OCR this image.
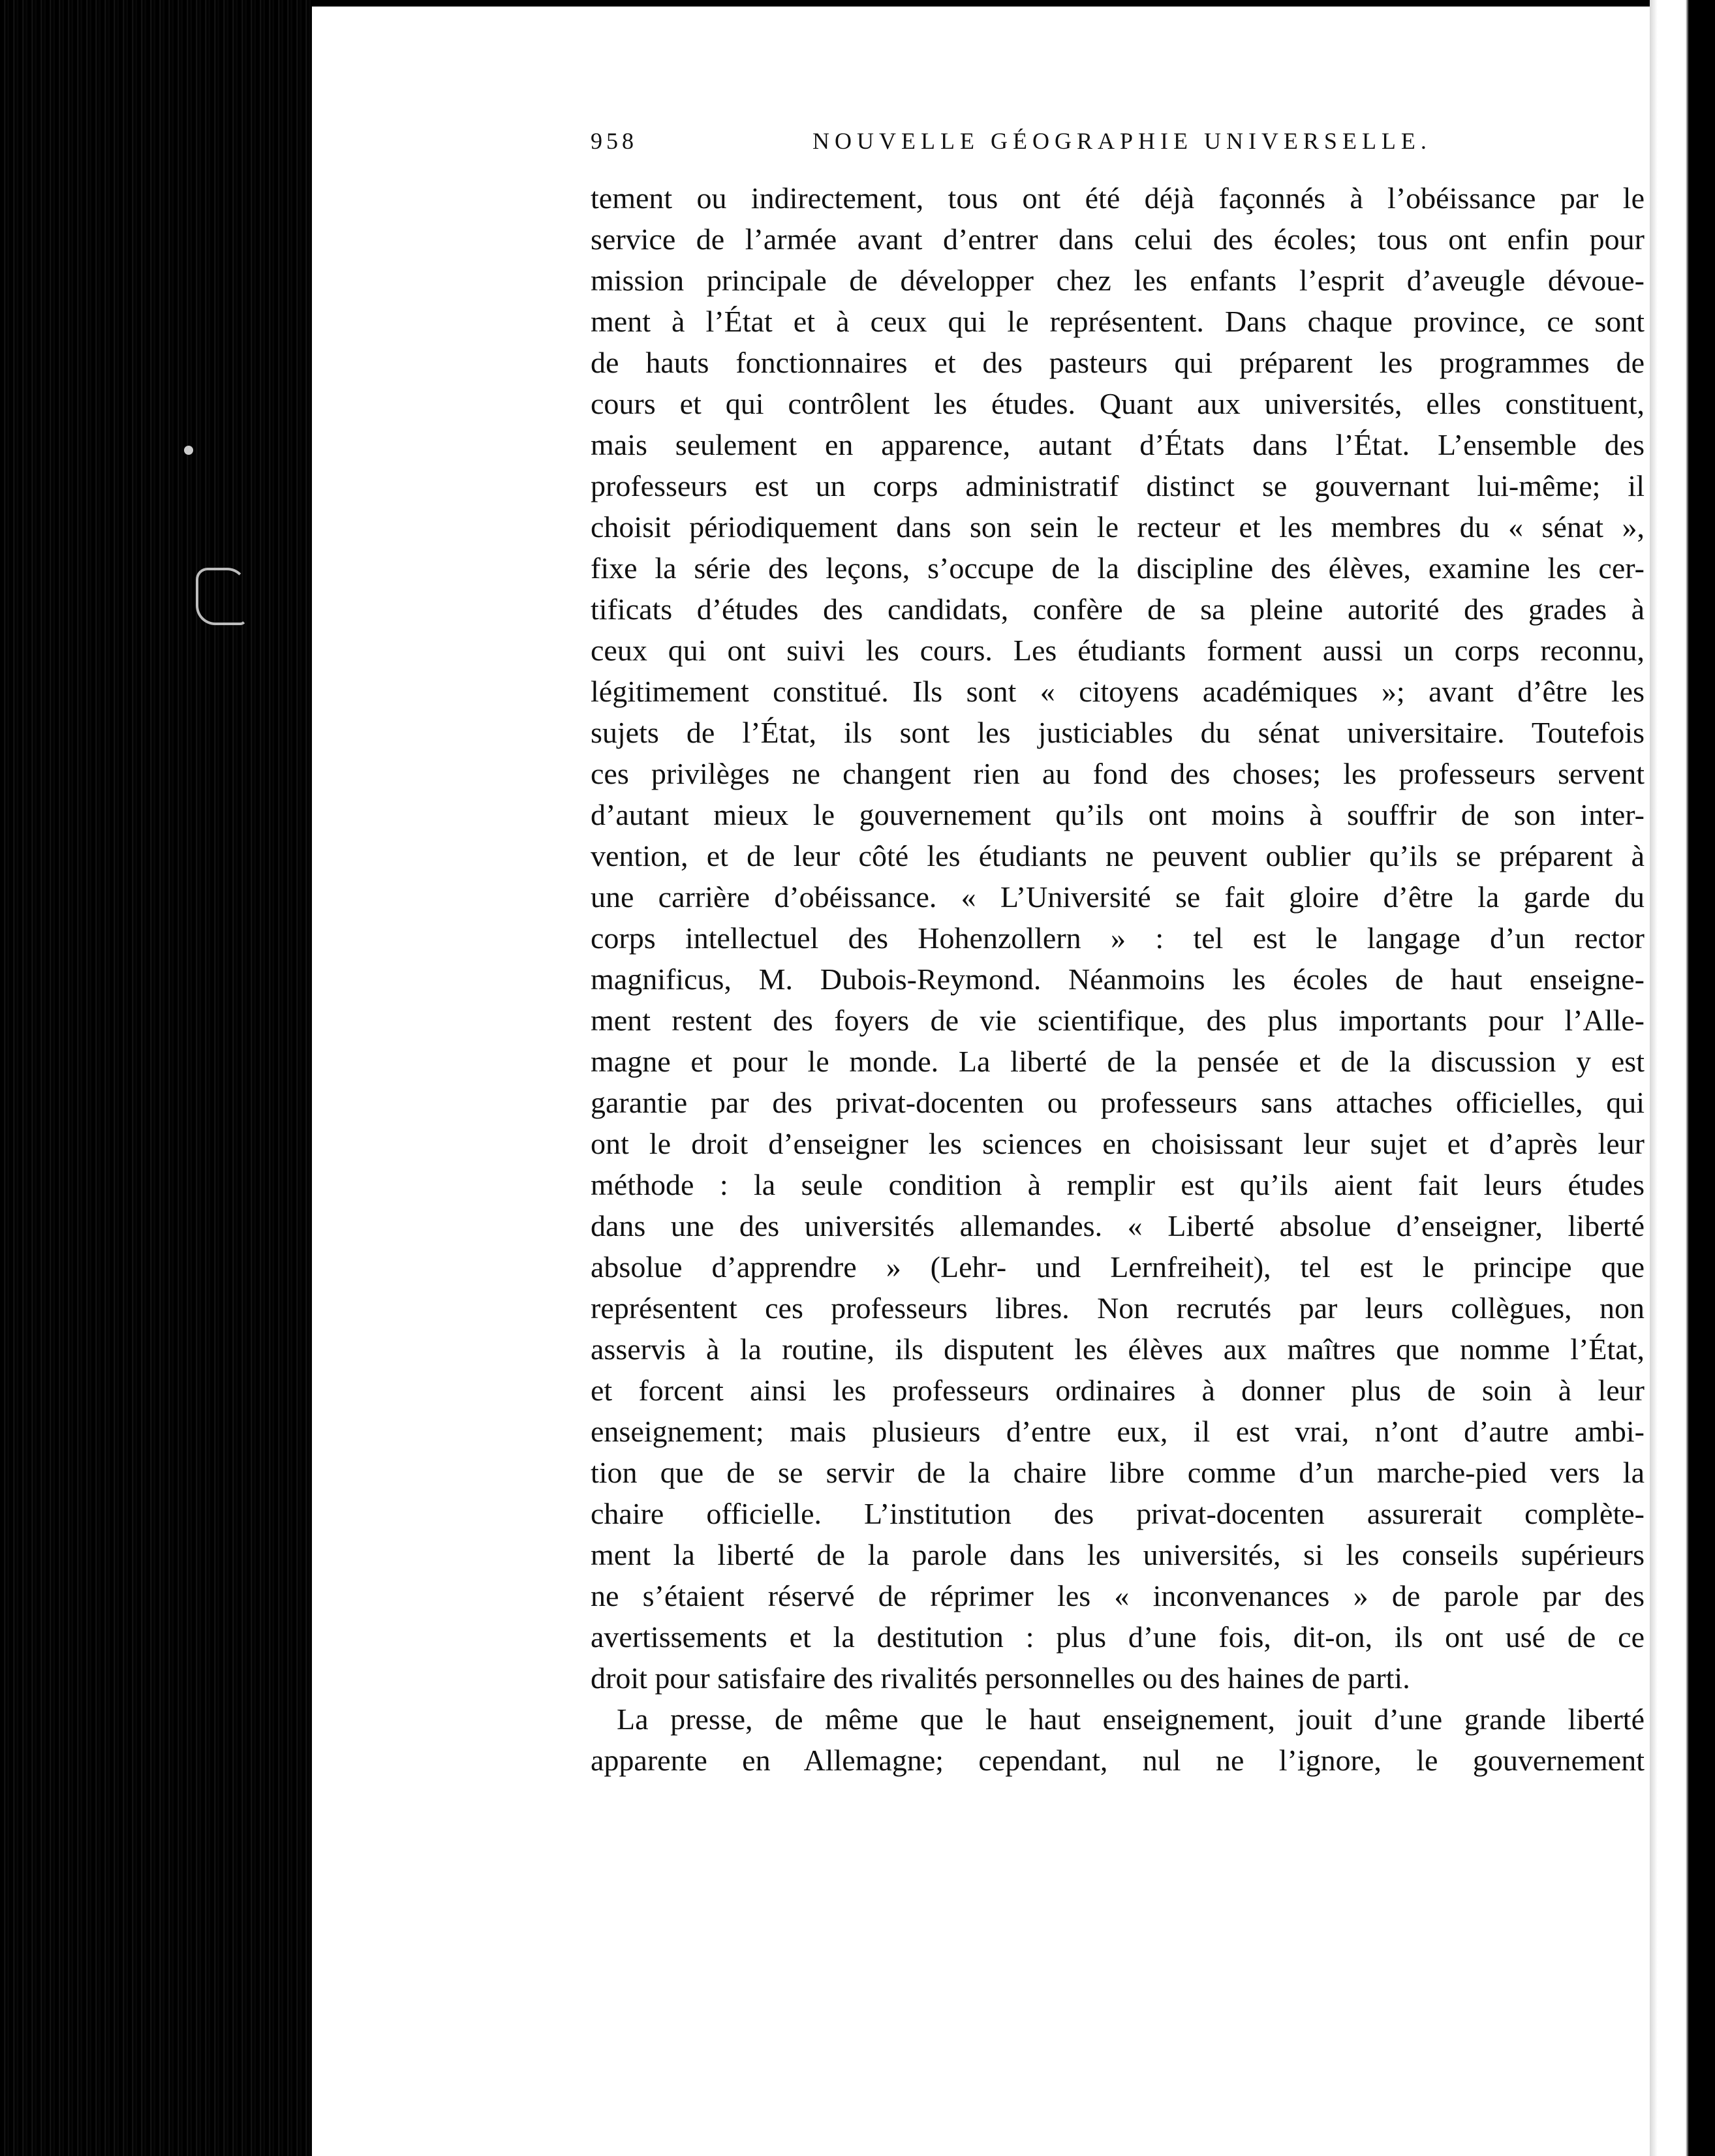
958	NOUVELLE GÉOGRAPHIE UNIVERSELLE.
tement ou indirectement, tous ont été déjà façonnés à l’obéissance par le
service de l’armée avant d’entrer dans celui des écoles; tous ont enfin pour
mission principale de développer chez les enfants l’esprit d’aveugle dévoue-
ment à l’État et à ceux qui le représentent. Dans chaque province, ce sont
de hauts fonctionnaires et des pasteurs qui préparent les programmes de
cours et qui contrôlent les études. Quant aux universités, elles constituent,
mais seulement en apparence, autant d’États dans l’État. L’ensemble des
professeurs est un corps administratif distinct se gouvernant lui-même; il
choisit périodiquement dans son sein le recteur et les membres du « sénat »,
fixe la série des leçons, s’occupe de la discipline des élèves, examine les cer-
tificats d’études des candidats, confère de sa pleine autorité des grades à
ceux qui ont suivi les cours. Les étudiants forment aussi un corps reconnu,
légitimement constitué. Ils sont « citoyens académiques »; avant d’être les
sujets de l’État, ils sont les justiciables du sénat universitaire. Toutefois
ces privilèges ne changent rien au fond des choses; les professeurs servent
d’autant mieux le gouvernement qu’ils ont moins à souffrir de son inter-
vention, et de leur côté les étudiants ne peuvent oublier qu’ils se préparent à
une carrière d’obéissance. « L’Université se fait gloire d’être la garde du
corps intellectuel des Hohenzollern » : tel est le langage d’un rector
magnificus, M. Dubois-Reymond. Néanmoins les écoles de haut enseigne-
ment restent des foyers de vie scientifique, des plus importants pour l’Alle-
magne et pour le monde. La liberté de la pensée et de la discussion y est
garantie par des privat-docenten ou professeurs sans attaches officielles, qui
ont le droit d’enseigner les sciences en choisissant leur sujet et d’après leur
méthode : la seule condition à remplir est qu’ils aient fait leurs études
dans une des universités allemandes. « Liberté absolue d’enseigner, liberté
absolue d’apprendre » (Lehr- und Lernfreiheit), tel est le principe que
représentent ces professeurs libres. Non recrutés par leurs collègues, non
asservis à la routine, ils disputent les élèves aux maîtres que nomme l’État,
et forcent ainsi les professeurs ordinaires à donner plus de soin à leur
enseignement; mais plusieurs d’entre eux, il est vrai, n’ont d’autre ambi-
tion que de se servir de la chaire libre comme d’un marche-pied vers la
chaire officielle. L’institution des privat-docenten assurerait complète-
ment la liberté de la parole dans les universités, si les conseils supérieurs
ne s’étaient réservé de réprimer les « inconvenances » de parole par des
avertissements et la destitution : plus d’une fois, dit-on, ils ont usé de ce
droit pour satisfaire des rivalités personnelles ou des haines de parti.
La presse, de même que le haut enseignement, jouit d’une grande liberté
apparente en Allemagne; cependant, nul ne l’ignore, le gouvernement
